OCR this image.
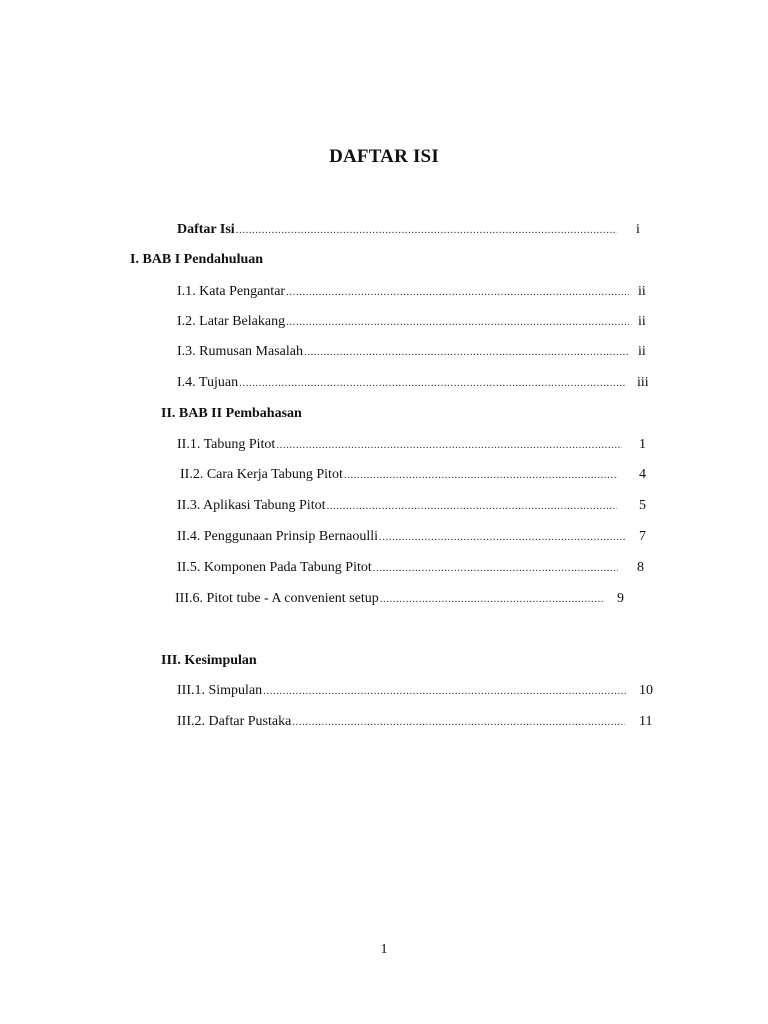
DAFTAR ISI
Daftar Isi .....	i
I. BAB I Pendahuluan
I.1. Kata Pengantar .....	ii
I.2. Latar Belakang .....	ii
I.3. Rumusan Masalah .....	ii
I.4. Tujuan .....	iii
II. BAB II Pembahasan
II.1. Tabung Pitot .....	1
II.2. Cara Kerja Tabung Pitot .....	4
II.3. Aplikasi Tabung Pitot .....	5
II.4. Penggunaan Prinsip Bernaoulli .....	7
II.5. Komponen Pada Tabung Pitot .....	8
III.6. Pitot tube - A convenient setup .....	9
III. Kesimpulan
III.1. Simpulan .....	10
III.2. Daftar Pustaka .....	11
1
